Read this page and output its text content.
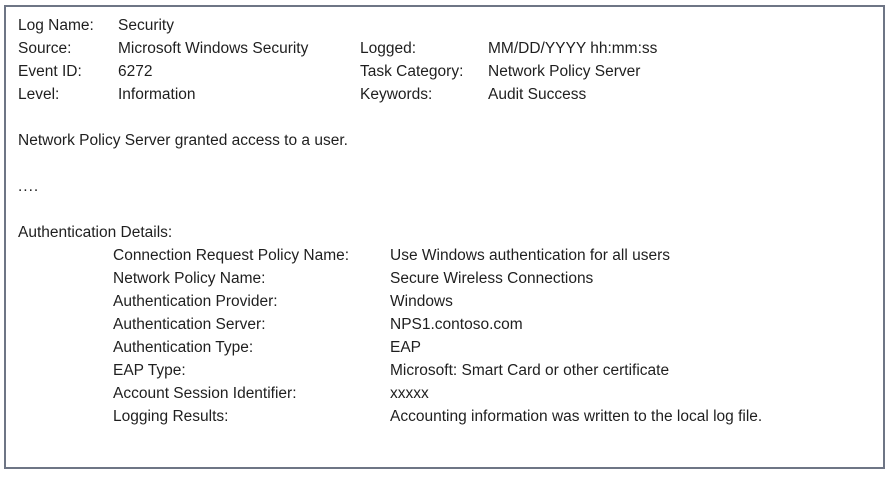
Log Name:	Security
Source:	Microsoft Windows Security	Logged:	MM/DD/YYYY hh:mm:ss
Event ID:	6272	Task Category:	Network Policy Server
Level:	Information	Keywords:	Audit Success

Network Policy Server granted access to a user.

....

Authentication Details:

Connection Request Policy Name:	Use Windows authentication for all users
Network Policy Name:	Secure Wireless Connections
Authentication Provider:	Windows
Authentication Server:	NPS1.contoso.com
Authentication Type:	EAP
EAP Type:	Microsoft: Smart Card or other certificate
Account Session Identifier:	xxxxx
Logging Results:	Accounting information was written to the local log file.
